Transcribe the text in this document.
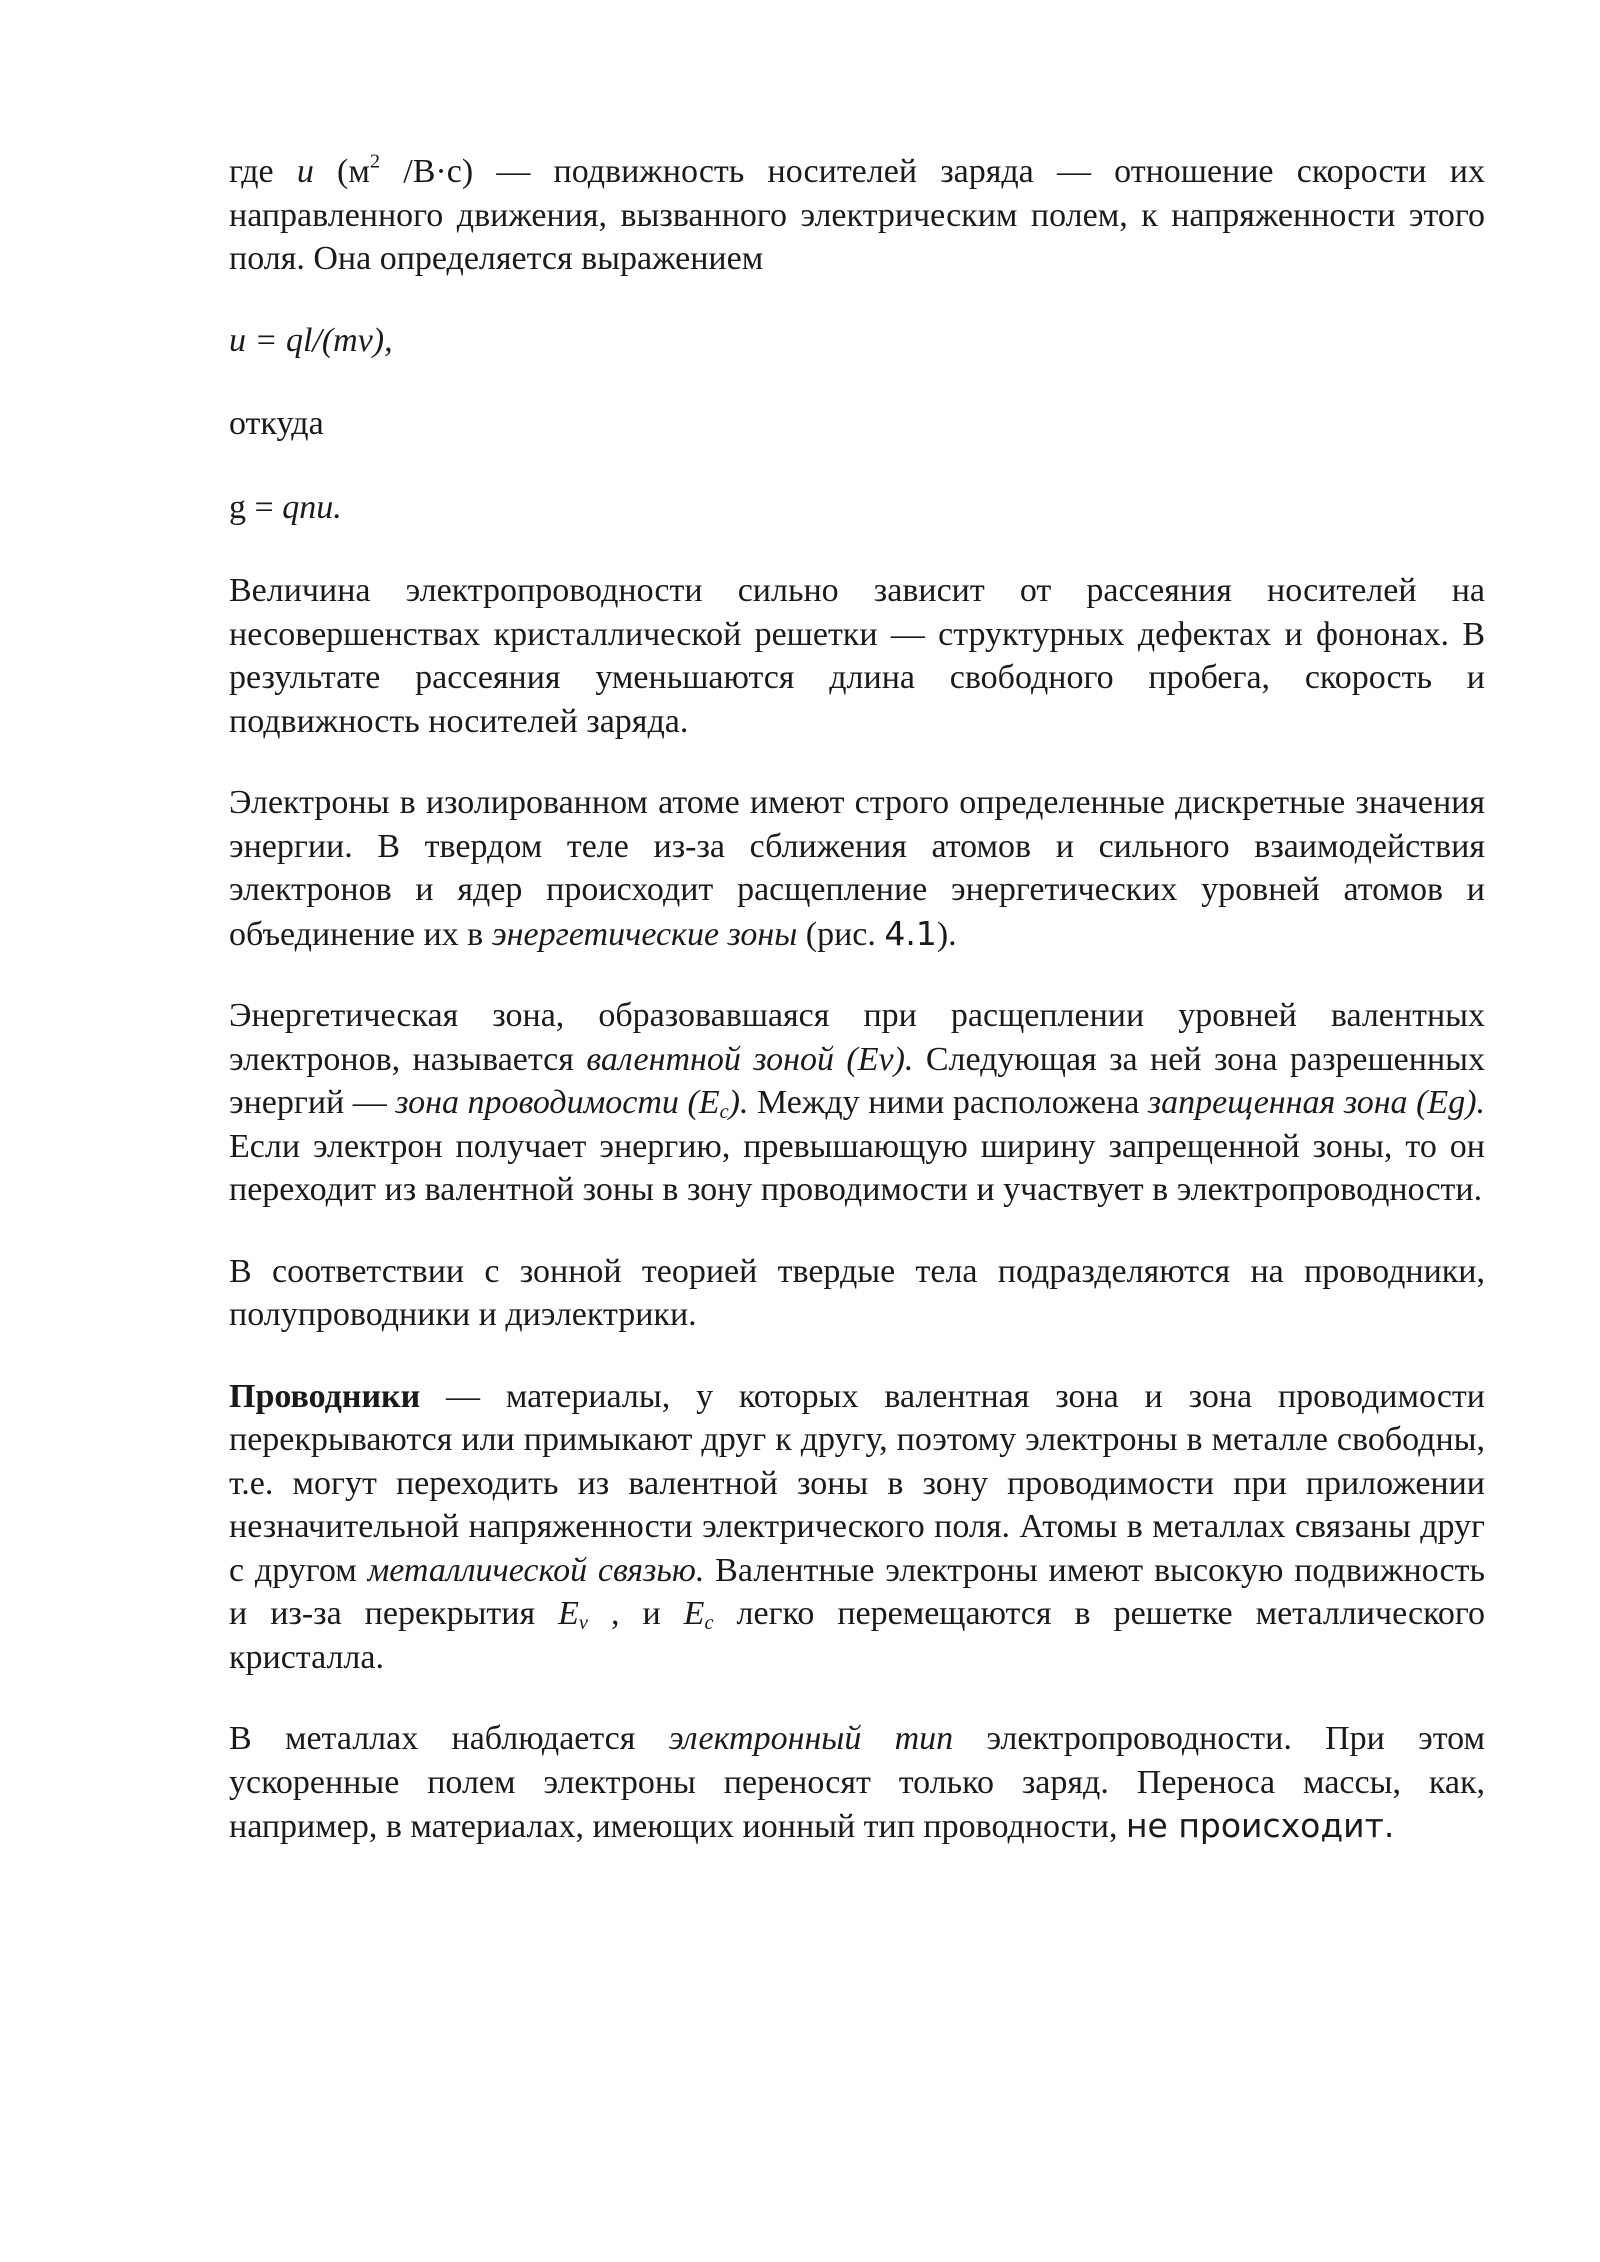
где u ($м^2$ /В·с) — подвижность носителей заряда — отношение скорости их направленного движения, вызванного электрическим полем, к напряженности этого поля. Она определяется выражением

u = ql/(mv),

откуда

g = qnu.

Величина электропроводности сильно зависит от рассеяния носителей на несовершенствах кристаллической решетки — структурных дефектах и фононах. В результате рассеяния уменьшаются длина свободного пробега, скорость и подвижность носителей заряда.

Электроны в изолированном атоме имеют строго определенные дискретные значения энергии. В твердом теле из-за сближения атомов и сильного взаимодействия электронов и ядер происходит расщепление энергетических уровней атомов и объединение их в энергетические зоны (рис. 4.1).

Энергетическая зона, образовавшаяся при расщеплении уровней валентных электронов, называется валентной зоной (Ev). Следующая за ней зона разрешенных энергий — зона проводимости $(E_c)$. Между ними расположена запрещенная зона (Eg). Если электрон получает энергию, превышающую ширину запрещенной зоны, то он переходит из валентной зоны в зону проводимости и участвует в электропроводности.

В соответствии с зонной теорией твердые тела подразделяются на проводники, полупроводники и диэлектрики.

Проводники — материалы, у которых валентная зона и зона проводимости перекрываются или примыкают друг к другу, поэтому электроны в металле свободны, т.е. могут переходить из валентной зоны в зону проводимости при приложении незначительной напряженности электрического поля. Атомы в металлах связаны друг с другом металлической связью. Валентные электроны имеют высокую подвижность и из-за перекрытия $E_v$ , и $E_c$ легко перемещаются в решетке металлического кристалла.

В металлах наблюдается электронный тип электропроводности. При этом ускоренные полем электроны переносят только заряд. Переноса массы, как, например, в материалах, имеющих ионный тип проводности, не происходит.
